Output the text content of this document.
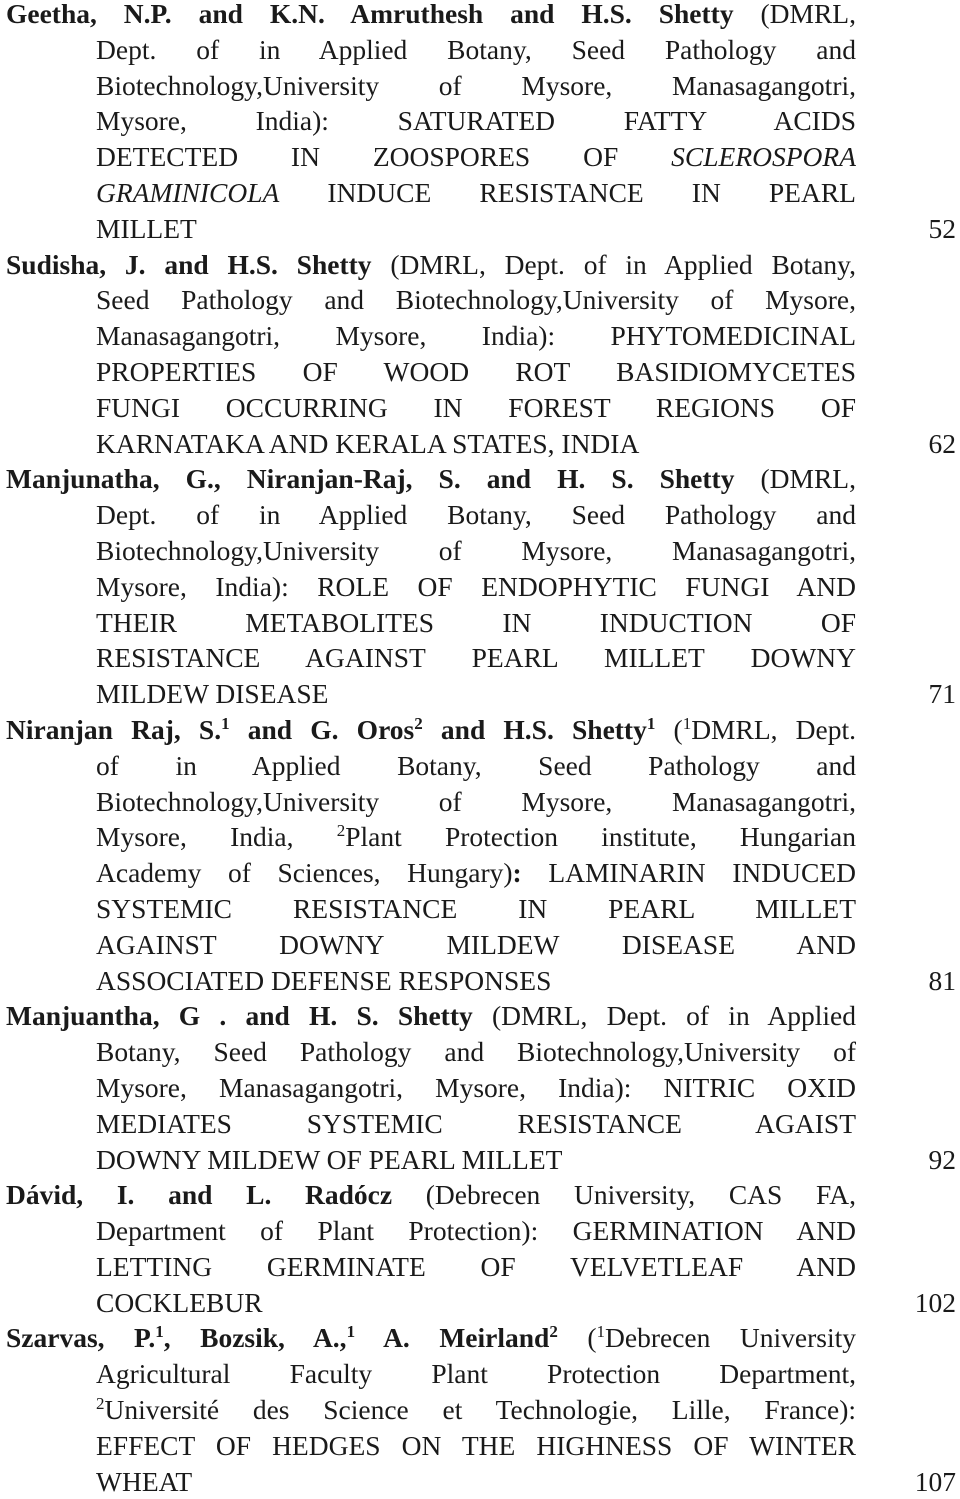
Geetha, N.P. and K.N. Amruthesh and H.S. Shetty (DMRL,
Dept. of in Applied Botany, Seed Pathology and
Biotechnology,University of Mysore, Manasagangotri,
Mysore, India): SATURATED FATTY ACIDS
DETECTED IN ZOOSPORES OF SCLEROSPORA
GRAMINICOLA INDUCE RESISTANCE IN PEARL
MILLET	52
Sudisha, J. and H.S. Shetty (DMRL, Dept. of in Applied Botany,
Seed Pathology and Biotechnology,University of Mysore,
Manasagangotri, Mysore, India): PHYTOMEDICINAL
PROPERTIES OF WOOD ROT BASIDIOMYCETES
FUNGI OCCURRING IN FOREST REGIONS OF
KARNATAKA AND KERALA STATES, INDIA	62
Manjunatha, G., Niranjan-Raj, S. and H. S. Shetty (DMRL,
Dept. of in Applied Botany, Seed Pathology and
Biotechnology,University of Mysore, Manasagangotri,
Mysore, India): ROLE OF ENDOPHYTIC FUNGI AND
THEIR METABOLITES IN INDUCTION OF
RESISTANCE AGAINST PEARL MILLET DOWNY
MILDEW DISEASE	71
Niranjan Raj, S.$^1$ and G. Oros$^2$ and H.S. Shetty$^1$ ($^1$DMRL, Dept.
of in Applied Botany, Seed Pathology and
Biotechnology,University of Mysore, Manasagangotri,
Mysore, India, $^2$Plant Protection institute, Hungarian
Academy of Sciences, Hungary): LAMINARIN INDUCED
SYSTEMIC RESISTANCE IN PEARL MILLET
AGAINST DOWNY MILDEW DISEASE AND
ASSOCIATED DEFENSE RESPONSES	81
Manjuantha, G . and H. S. Shetty (DMRL, Dept. of in Applied
Botany, Seed Pathology and Biotechnology,University of
Mysore, Manasagangotri, Mysore, India): NITRIC OXID
MEDIATES SYSTEMIC RESISTANCE AGAIST
DOWNY MILDEW OF PEARL MILLET	92
Dávid, I. and L. Radócz (Debrecen University, CAS FA,
Department of Plant Protection): GERMINATION AND
LETTING GERMINATE OF VELVETLEAF AND
COCKLEBUR	102
Szarvas, P.$^1$, Bozsik, A.,$^1$ A. Meirland$^2$ ($^1$Debrecen University
Agricultural Faculty Plant Protection Department,
$^2$Université des Science et Technologie, Lille, France):
EFFECT OF HEDGES ON THE HIGHNESS OF WINTER
WHEAT	107
